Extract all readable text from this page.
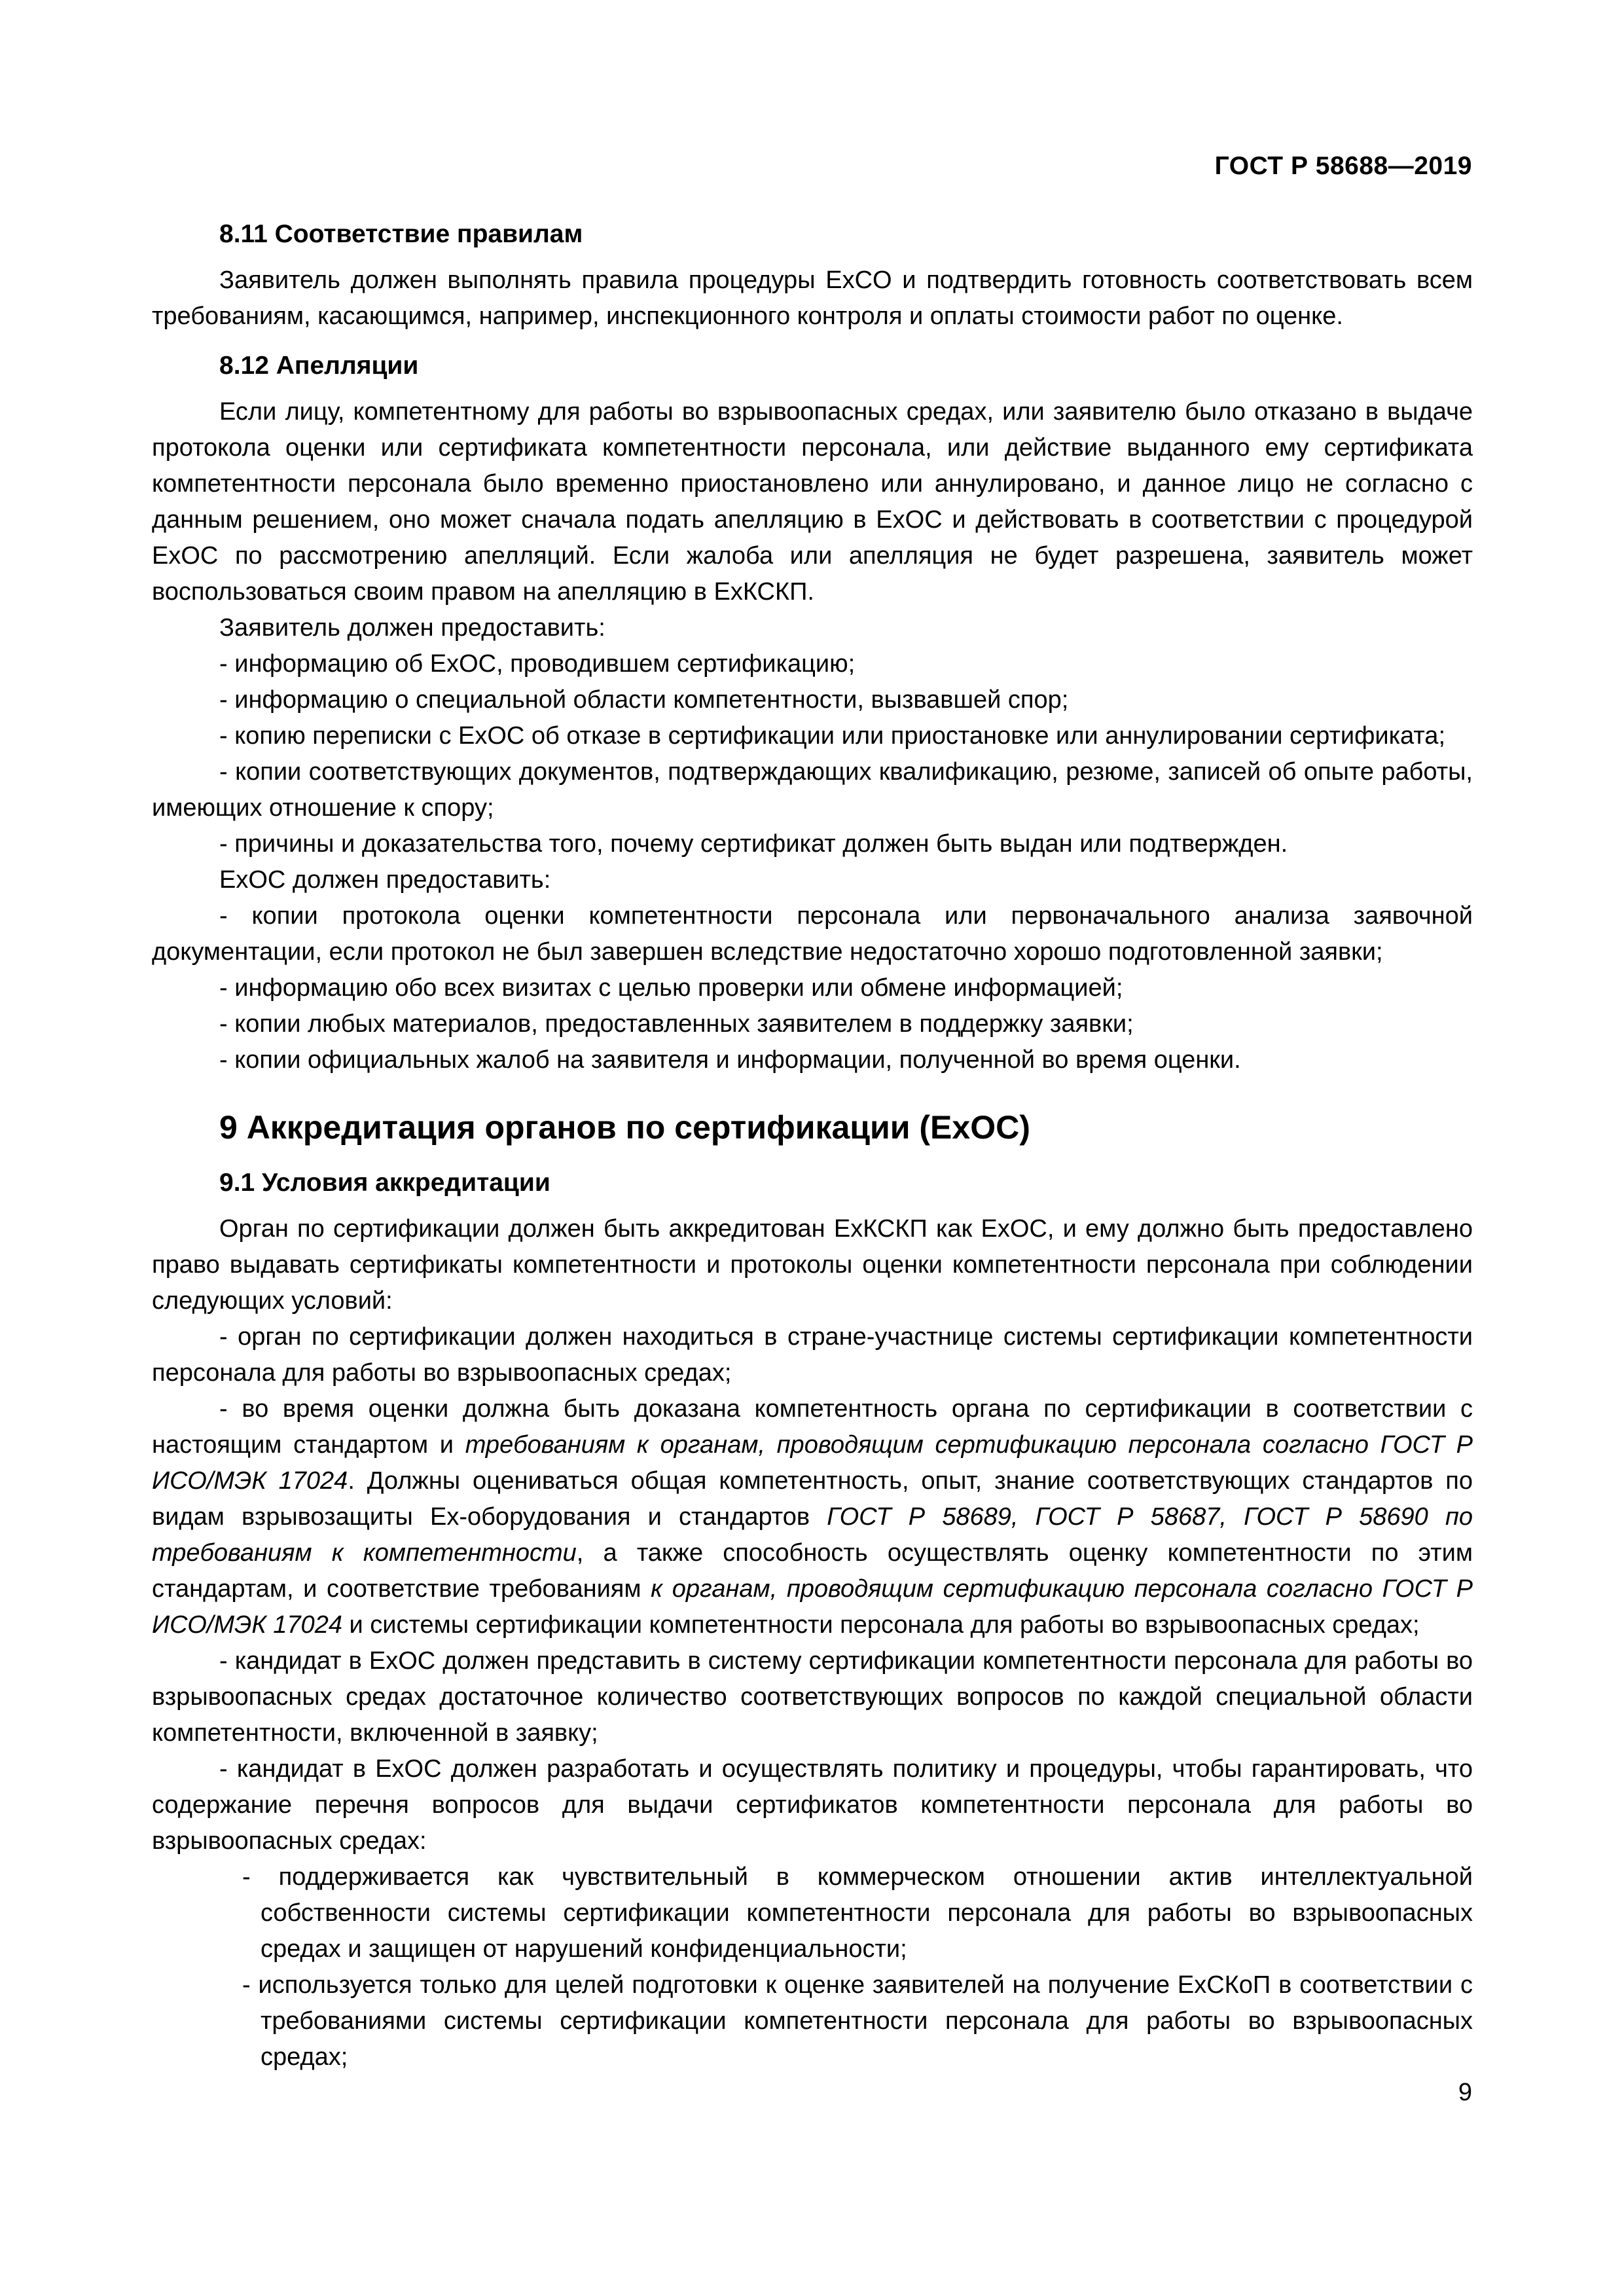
ГОСТ Р 58688—2019
8.11 Соответствие правилам

Заявитель должен выполнять правила процедуры ExCO и подтвердить готовность соответствовать всем требованиям, касающимся, например, инспекционного контроля и оплаты стоимости работ по оценке.

8.12 Апелляции

Если лицу, компетентному для работы во взрывоопасных средах, или заявителю было отказано в выдаче протокола оценки или сертификата компетентности персонала, или действие выданного ему сертификата компетентности персонала было временно приостановлено или аннулировано, и данное лицо не согласно с данным решением, оно может сначала подать апелляцию в ExOC и действовать в соответствии с процедурой ExOC по рассмотрению апелляций. Если жалоба или апелляция не будет разрешена, заявитель может воспользоваться своим правом на апелляцию в ExКСКП.

Заявитель должен предоставить:

- информацию об ExOC, проводившем сертификацию;

- информацию о специальной области компетентности, вызвавшей спор;

- копию переписки с ExOC об отказе в сертификации или приостановке или аннулировании сертификата;

- копии соответствующих документов, подтверждающих квалификацию, резюме, записей об опыте работы, имеющих отношение к спору;

- причины и доказательства того, почему сертификат должен быть выдан или подтвержден.

ExOC должен предоставить:

- копии протокола оценки компетентности персонала или первоначального анализа заявочной документации, если протокол не был завершен вследствие недостаточно хорошо подготовленной заявки;

- информацию обо всех визитах с целью проверки или обмене информацией;

- копии любых материалов, предоставленных заявителем в поддержку заявки;

- копии официальных жалоб на заявителя и информации, полученной во время оценки.

9 Аккредитация органов по сертификации (ExOC)
9.1 Условия аккредитации

Орган по сертификации должен быть аккредитован ExКСКП как ExOC, и ему должно быть предоставлено право выдавать сертификаты компетентности и протоколы оценки компетентности персонала при соблюдении следующих условий:

- орган по сертификации должен находиться в стране-участнице системы сертификации компетентности персонала для работы во взрывоопасных средах;

- во время оценки должна быть доказана компетентность органа по сертификации в соответствии с настоящим стандартом и требованиям к органам, проводящим сертификацию персонала согласно ГОСТ Р ИСО/МЭК 17024. Должны оцениваться общая компетентность, опыт, знание соответствующих стандартов по видам взрывозащиты Ex-оборудования и стандартов ГОСТ Р 58689, ГОСТ Р 58687, ГОСТ Р 58690 по требованиям к компетентности, а также способность осуществлять оценку компетентности по этим стандартам, и соответствие требованиям к органам, проводящим сертификацию персонала согласно ГОСТ Р ИСО/МЭК 17024 и системы сертификации компетентности персонала для работы во взрывоопасных средах;

- кандидат в ExOC должен представить в систему сертификации компетентности персонала для работы во взрывоопасных средах достаточное количество соответствующих вопросов по каждой специальной области компетентности, включенной в заявку;

- кандидат в ExOC должен разработать и осуществлять политику и процедуры, чтобы гарантировать, что содержание перечня вопросов для выдачи сертификатов компетентности персонала для работы во взрывоопасных средах:

- поддерживается как чувствительный в коммерческом отношении актив интеллектуальной собственности системы сертификации компетентности персонала для работы во взрывоопасных средах и защищен от нарушений конфиденциальности;

- используется только для целей подготовки к оценке заявителей на получение ExСКоП в соответствии с требованиями системы сертификации компетентности персонала для работы во взрывоопасных средах;

9
